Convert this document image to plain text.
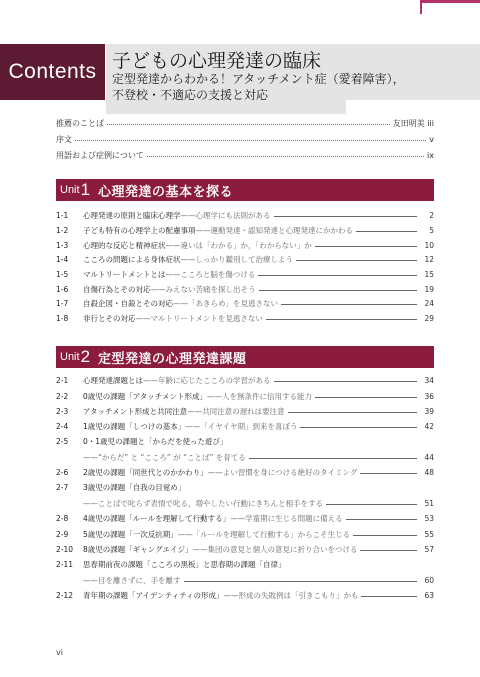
Contents 子どもの心理発達の臨床
定型発達からわかる！アタッチメント症（愛着障害），
不登校・不適応の支援と対応
推薦のことば	友田明美 iii
序文	v
用語および症例について	ix
Unit 1 心理発達の基本を探る
1-1	心理発達の原則と臨床心理学 ——心理学にも法則がある	2
1-2	子ども特有の心理学上の配慮事項 ——運動発達・認知発達と心理発達にかかわる	5
1-3	心理的な反応と精神症状 ——違いは「わかる」か，「わからない」か	10
1-4	こころの問題による身体症状 ——しっかり鑑別して治療しよう	12
1-5	マルトリートメントとは ——こころと脳を傷つける	15
1-6	自傷行為とその対応 ——みえない苦痛を探し出そう	19
1-7	自殺企図・自殺とその対応 ——「あきらめ」を見逃さない	24
1-8	非行とその対応 ——マルトリートメントを見逃さない	29
Unit 2 定型発達の心理発達課題
2-1	心理発達課題とは ——年齢に応じたこころの学習がある	34
2-2	0歳児の課題「アタッチメント形成」 ——人を無条件に信用する能力	36
2-3	アタッチメント形成と共同注意 ——共同注意の遅れは要注意	39
2-4	1歳児の課題「しつけの基本」 ——「イヤイヤ期」到来を喜ぼう	42
2-5	0・1歳児の課題と「からだを使った遊び」
——“からだ” と “こころ” が “ことば” を育てる	44
2-6	2歳児の課題「同世代とのかかわり」 ——よい習慣を身につける絶好のタイミング	48
2-7	3歳児の課題「自我の目覚め」
——ことばで叱らず表情で叱る，増やしたい行動にきちんと相手をする	51
2-8	4歳児の課題「ルールを理解して行動する」 ——学童期に生じる問題に備える	53
2-9	5歳児の課題「一次反抗期」 ——「ルールを理解して行動する」からこそ生じる	55
2-10	8歳児の課題「ギャングエイジ」 ——集団の意見と個人の意見に折り合いをつける	57
2-11	思春期前夜の課題「こころの黒板」と思春期の課題「自律」
——目を離さずに，手を離す	60
2-12	青年期の課題「アイデンティティの形成」 ——形成の失敗例は「引きこもり」かも	63
vi
